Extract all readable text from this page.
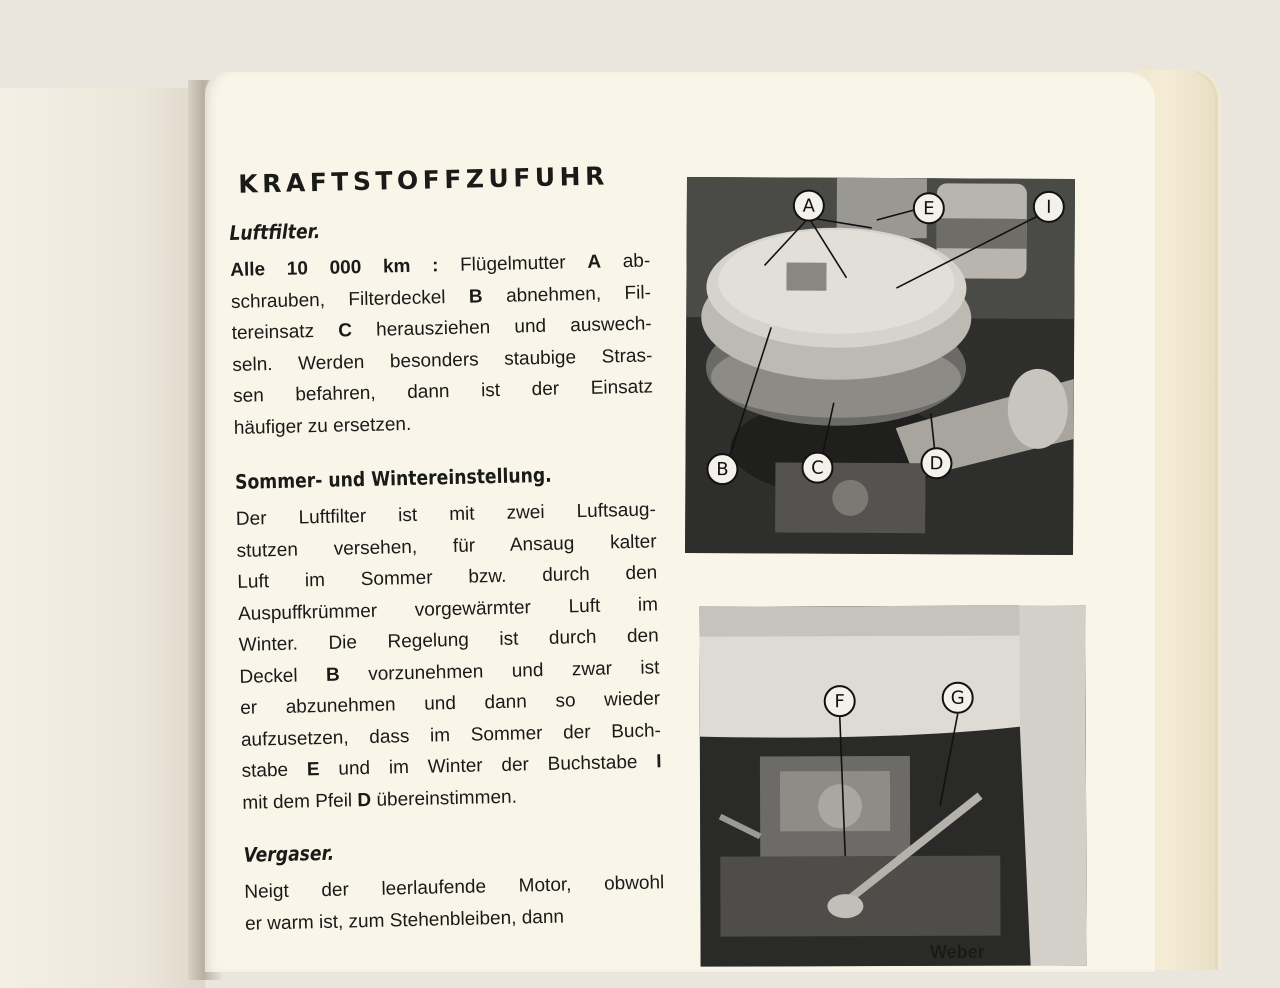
KRAFTSTOFFZUFUHR
Luftfilter.
Alle 10 000 km : Flügelmutter A ab-
schrauben, Filterdeckel B abnehmen, Fil-
tereinsatz C herausziehen und auswech-
seln. Werden besonders staubige Stras-
sen befahren, dann ist der Einsatz
häufiger zu ersetzen.
Sommer- und Wintereinstellung.
Der Luftfilter ist mit zwei Luftsaug-
stutzen versehen, für Ansaug kalter
Luft im Sommer bzw. durch den
Auspuffkrümmer vorgewärmter Luft im
Winter. Die Regelung ist durch den
Deckel B vorzunehmen und zwar ist
er abzunehmen und dann so wieder
aufzusetzen, dass im Sommer der Buch-
stabe E und im Winter der Buchstabe I
mit dem Pfeil D übereinstimmen.
Vergaser.
Neigt der leerlaufende Motor, obwohl
er warm ist, zum Stehenbleiben, dann
A	E	I
B	C	D
F	G
Weber
